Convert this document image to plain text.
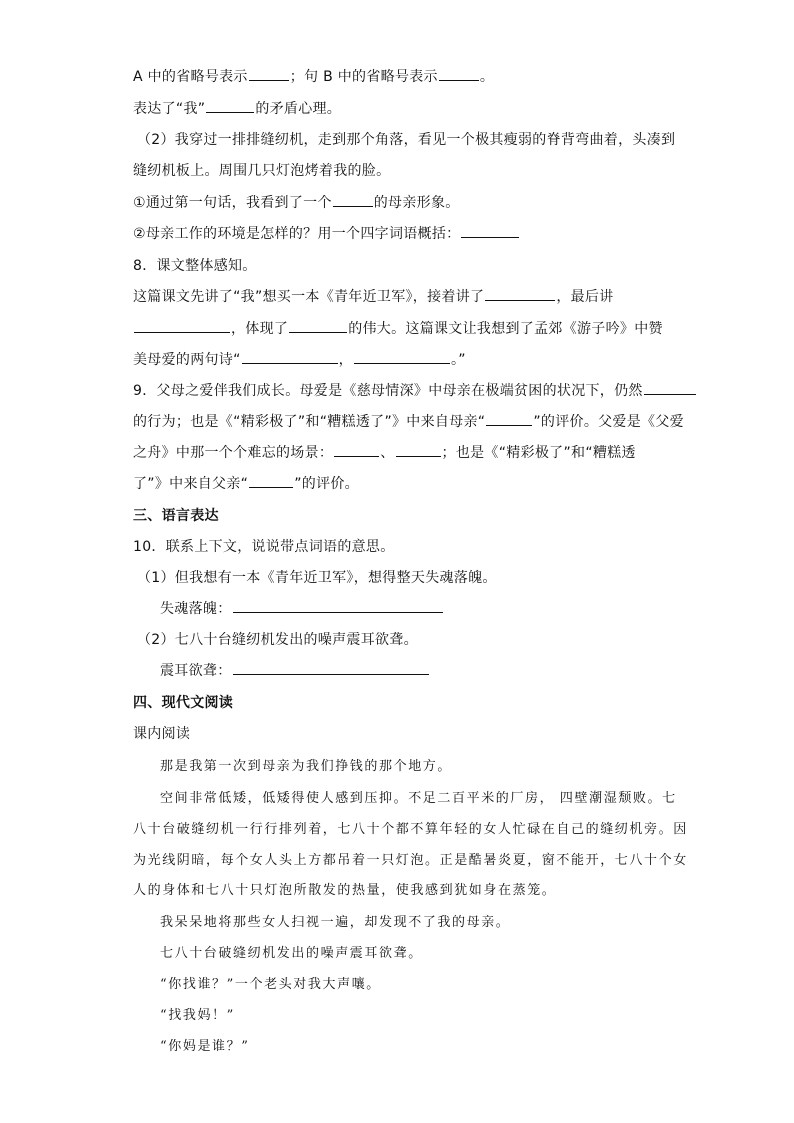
A 中的省略号表示	；句 B 中的省略号表示	。
表达了“我”	的矛盾心理。
（2）我穿过一排排缝纫机，走到那个角落，看见一个极其瘦弱的脊背弯曲着，头凑到
缝纫机板上。周围几只灯泡烤着我的脸。
①通过第一句话，我看到了一个	的母亲形象。
②母亲工作的环境是怎样的？用一个四字词语概括：
8．课文整体感知。
这篇课文先讲了“我”想买一本《青年近卫军》，接着讲了	，最后讲
，体现了	的伟大。这篇课文让我想到了孟郊《游子吟》中赞
美母爱的两句诗“	，	。”
9．父母之爱伴我们成长。母爱是《慈母情深》中母亲在极端贫困的状况下，仍然
的行为；也是《“精彩极了”和“糟糕透了”》中来自母亲“	”的评价。父爱是《父爱
之舟》中那一个个难忘的场景：	、	；也是《“精彩极了”和“糟糕透
了”》中来自父亲“	”的评价。
三、语言表达
10．联系上下文，说说带点词语的意思。
（1）但我想有一本《青年近卫军》，想得整天失魂落魄。
失魂落魄：
（2）七八十台缝纫机发出的噪声震耳欲聋。
震耳欲聋：
四、现代文阅读
课内阅读
那是我第一次到母亲为我们挣钱的那个地方。
空间非常低矮，低矮得使人感到压抑。不足二百平米的厂房， 四壁潮湿颓败。七
八十台破缝纫机一行行排列着，七八十个都不算年轻的女人忙碌在自己的缝纫机旁。因
为光线阴暗，每个女人头上方都吊着一只灯泡。正是酷暑炎夏，窗不能开，七八十个女
人的身体和七八十只灯泡所散发的热量，使我感到犹如身在蒸笼。
我呆呆地将那些女人扫视一遍，却发现不了我的母亲。
七八十台破缝纫机发出的噪声震耳欲聋。
“你找谁？”一个老头对我大声嚷。
“找我妈！”
“你妈是谁？”
